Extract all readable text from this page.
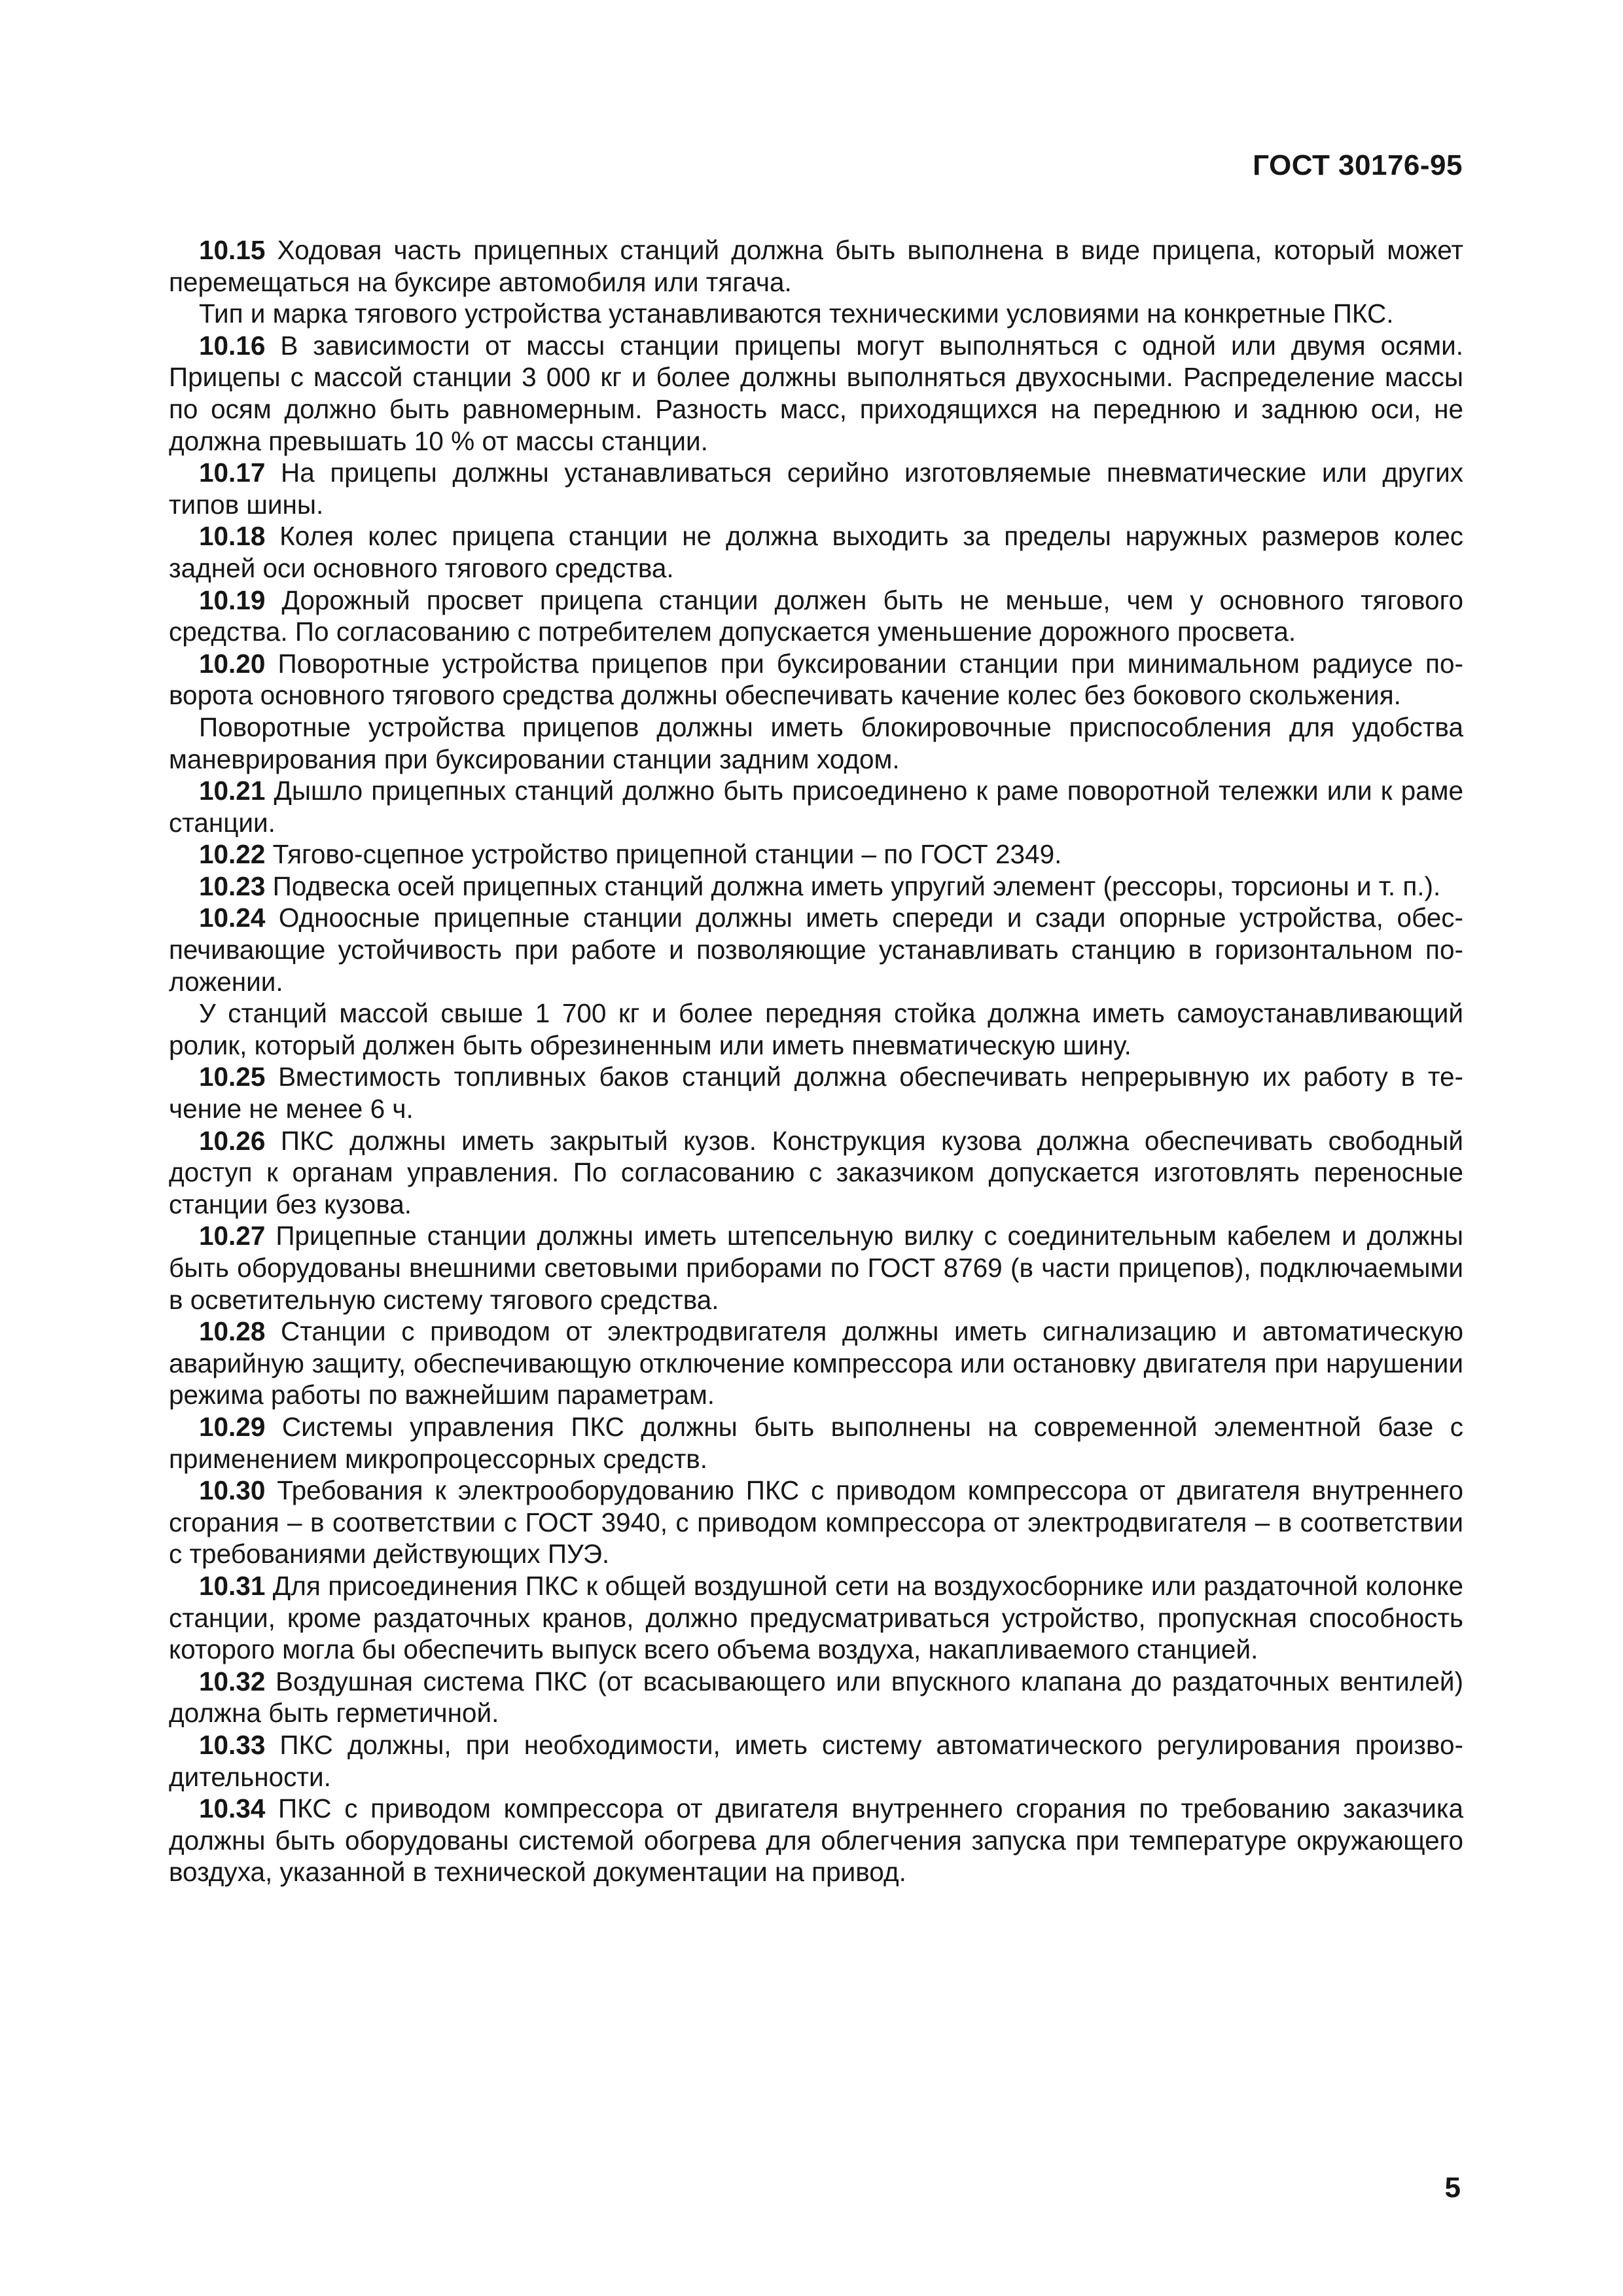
ГОСТ 30176-95

10.15 Ходовая часть прицепных станций должна быть выполнена в виде прицепа, который может перемещаться на буксире автомобиля или тягача.

Тип и марка тягового устройства устанавливаются техническими условиями на конкретные ПКС.

10.16 В зависимости от массы станции прицепы могут выполняться с одной или двумя осями. Прицепы с массой станции 3 000 кг и более должны выполняться двухосными. Распределение массы по осям должно быть равномерным. Разность масс, приходящихся на переднюю и заднюю оси, не должна превышать 10 % от массы станции.

10.17 На прицепы должны устанавливаться серийно изготовляемые пневматические или других типов шины.

10.18 Колея колес прицепа станции не должна выходить за пределы наружных размеров колес задней оси основного тягового средства.

10.19 Дорожный просвет прицепа станции должен быть не меньше, чем у основного тягового средства. По согласованию с потребителем допускается уменьшение дорожного просвета.

10.20 Поворотные устройства прицепов при буксировании станции при минимальном радиусе поворота основного тягового средства должны обеспечивать качение колес без бокового скольжения.

Поворотные устройства прицепов должны иметь блокировочные приспособления для удобства маневрирования при буксировании станции задним ходом.

10.21 Дышло прицепных станций должно быть присоединено к раме поворотной тележки или к раме станции.

10.22 Тягово-сцепное устройство прицепной станции – по ГОСТ 2349.

10.23 Подвеска осей прицепных станций должна иметь упругий элемент (рессоры, торсионы и т. п.).

10.24 Одноосные прицепные станции должны иметь спереди и сзади опорные устройства, обеспечивающие устойчивость при работе и позволяющие устанавливать станцию в горизонтальном положении.

У станций массой свыше 1 700 кг и более передняя стойка должна иметь самоустанавливающий ролик, который должен быть обрезиненным или иметь пневматическую шину.

10.25 Вместимость топливных баков станций должна обеспечивать непрерывную их работу в течение не менее 6 ч.

10.26 ПКС должны иметь закрытый кузов. Конструкция кузова должна обеспечивать свободный доступ к органам управления. По согласованию с заказчиком допускается изготовлять переносные станции без кузова.

10.27 Прицепные станции должны иметь штепсельную вилку с соединительным кабелем и должны быть оборудованы внешними световыми приборами по ГОСТ 8769 (в части прицепов), подключаемыми в осветительную систему тягового средства.

10.28 Станции с приводом от электродвигателя должны иметь сигнализацию и автоматическую аварийную защиту, обеспечивающую отключение компрессора или остановку двигателя при нарушении режима работы по важнейшим параметрам.

10.29 Системы управления ПКС должны быть выполнены на современной элементной базе с применением микропроцессорных средств.

10.30 Требования к электрооборудованию ПКС с приводом компрессора от двигателя внутреннего сгорания – в соответствии с ГОСТ 3940, с приводом компрессора от электродвигателя – в соответствии с требованиями действующих ПУЭ.

10.31 Для присоединения ПКС к общей воздушной сети на воздухосборнике или раздаточной колонке станции, кроме раздаточных кранов, должно предусматриваться устройство, пропускная способность которого могла бы обеспечить выпуск всего объема воздуха, накапливаемого станцией.

10.32 Воздушная система ПКС (от всасывающего или впускного клапана до раздаточных вентилей) должна быть герметичной.

10.33 ПКС должны, при необходимости, иметь систему автоматического регулирования производительности.

10.34 ПКС с приводом компрессора от двигателя внутреннего сгорания по требованию заказчика должны быть оборудованы системой обогрева для облегчения запуска при температуре окружающего воздуха, указанной в технической документации на привод.

5
